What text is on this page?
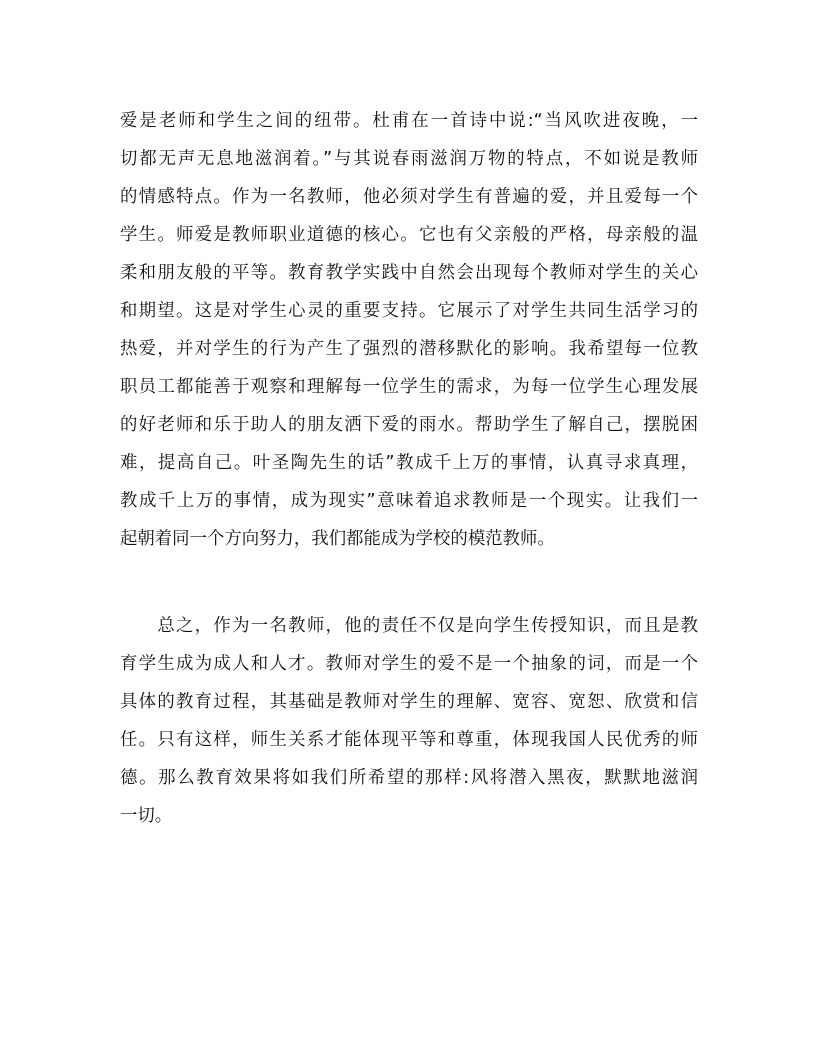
爱是老师和学生之间的纽带。杜甫在一首诗中说:“当风吹进夜晚，一
切都无声无息地滋润着。”与其说春雨滋润万物的特点，不如说是教师
的情感特点。作为一名教师，他必须对学生有普遍的爱，并且爱每一个
学生。师爱是教师职业道德的核心。它也有父亲般的严格，母亲般的温
柔和朋友般的平等。教育教学实践中自然会出现每个教师对学生的关心
和期望。这是对学生心灵的重要支持。它展示了对学生共同生活学习的
热爱，并对学生的行为产生了强烈的潜移默化的影响。我希望每一位教
职员工都能善于观察和理解每一位学生的需求，为每一位学生心理发展
的好老师和乐于助人的朋友洒下爱的雨水。帮助学生了解自己，摆脱困
难，提高自己。叶圣陶先生的话”教成千上万的事情，认真寻求真理，
教成千上万的事情，成为现实”意味着追求教师是一个现实。让我们一
起朝着同一个方向努力，我们都能成为学校的模范教师。
　　总之，作为一名教师，他的责任不仅是向学生传授知识，而且是教
育学生成为成人和人才。教师对学生的爱不是一个抽象的词，而是一个
具体的教育过程，其基础是教师对学生的理解、宽容、宽恕、欣赏和信
任。只有这样，师生关系才能体现平等和尊重，体现我国人民优秀的师
德。那么教育效果将如我们所希望的那样:风将潜入黑夜，默默地滋润
一切。
